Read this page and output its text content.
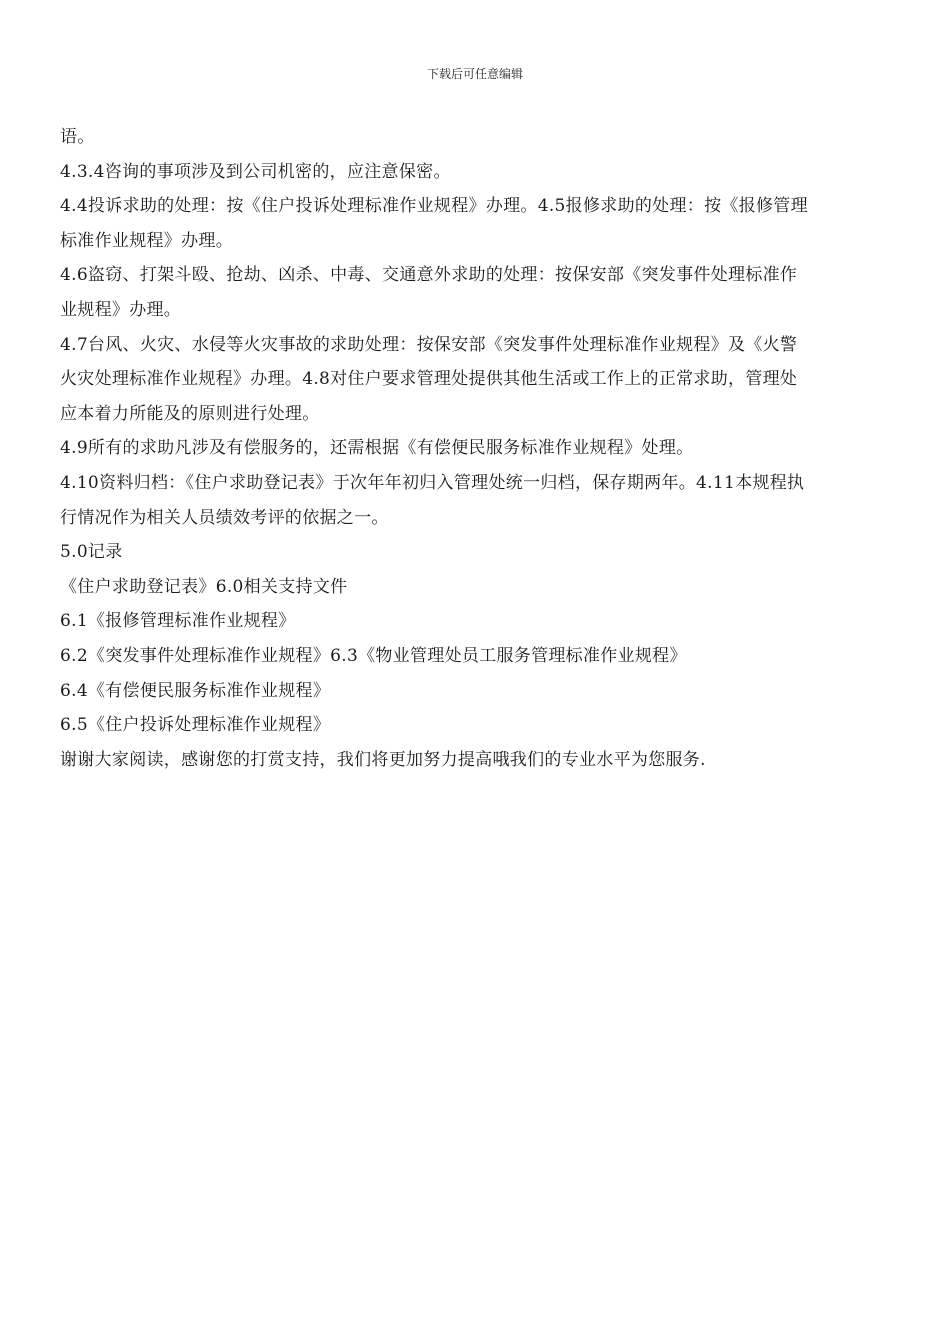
下载后可任意编辑
语。
4.3.4咨询的事项涉及到公司机密的，应注意保密。
4.4投诉求助的处理：按《住户投诉处理标准作业规程》办理。4.5报修求助的处理：按《报修管理
标准作业规程》办理。
4.6盗窃、打架斗殴、抢劫、凶杀、中毒、交通意外求助的处理：按保安部《突发事件处理标准作
业规程》办理。
4.7台风、火灾、水侵等火灾事故的求助处理：按保安部《突发事件处理标准作业规程》及《火警
火灾处理标准作业规程》办理。4.8对住户要求管理处提供其他生活或工作上的正常求助，管理处
应本着力所能及的原则进行处理。
4.9所有的求助凡涉及有偿服务的，还需根据《有偿便民服务标准作业规程》处理。
4.10资料归档：《住户求助登记表》于次年年初归入管理处统一归档，保存期两年。4.11本规程执
行情况作为相关人员绩效考评的依据之一。
5.0记录
《住户求助登记表》6.0相关支持文件
6.1《报修管理标准作业规程》
6.2《突发事件处理标准作业规程》6.3《物业管理处员工服务管理标准作业规程》
6.4《有偿便民服务标准作业规程》
6.5《住户投诉处理标准作业规程》
谢谢大家阅读，感谢您的打赏支持，我们将更加努力提高哦我们的专业水平为您服务.
